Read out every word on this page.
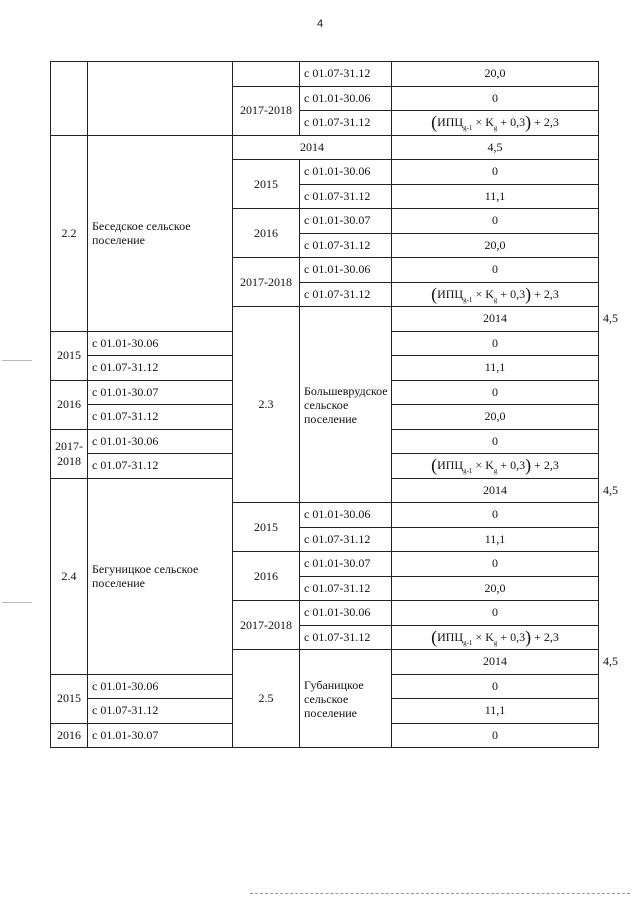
4
			с 01.07-31.12	20,0	
		2017-2018	с 01.01-30.06	0	
			с 01.07-31.12	$(ИПЦ_{g-1} \times K_g + 0,3) + 2,3$	
2.2	Беседское сельское поселение	2014		4,5	
		2015	с 01.01-30.06	0	
			с 01.07-31.12	11,1	
		2016	с 01.01-30.07	0	
			с 01.07-31.12	20,0	
		2017-2018	с 01.01-30.06	0	
			с 01.07-31.12	$(ИПЦ_{g-1} \times K_g + 0,3) + 2,3$	
		2.3	Большеврудское сельское поселение	2014	4,5
2015	с 01.01-30.06			0	
	с 01.07-31.12			11,1	
2016	с 01.01-30.07			0	
	с 01.07-31.12			20,0	
2017-2018	с 01.01-30.06			0	
	с 01.07-31.12			$(ИПЦ_{g-1} \times K_g + 0,3) + 2,3$	
2.4	Бегуницкое сельское поселение			2014	4,5
		2015	с 01.01-30.06	0	
			с 01.07-31.12	11,1	
		2016	с 01.01-30.07	0	
			с 01.07-31.12	20,0	
		2017-2018	с 01.01-30.06	0	
			с 01.07-31.12	$(ИПЦ_{g-1} \times K_g + 0,3) + 2,3$	
		2.5	Губаницкое сельское поселение	2014	4,5
2015	с 01.01-30.06			0	
	с 01.07-31.12			11,1	
2016	с 01.01-30.07			0	
